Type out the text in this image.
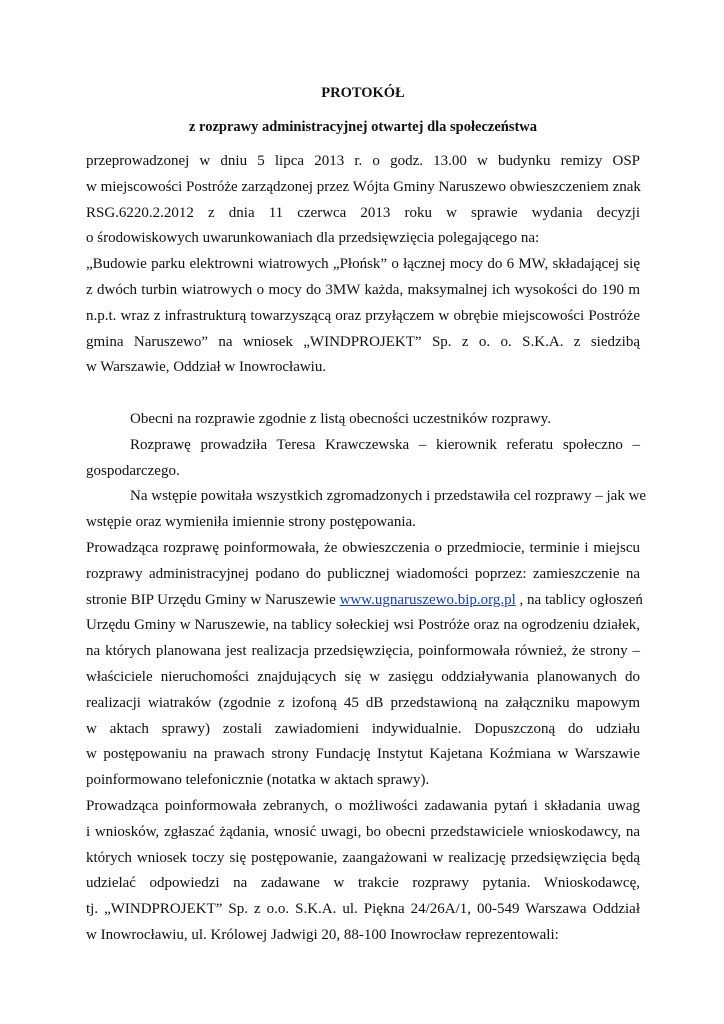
PROTOKÓŁ
z rozprawy administracyjnej otwartej dla społeczeństwa
przeprowadzonej w dniu 5 lipca 2013 r. o godz. 13.00 w budynku remizy OSP
w miejscowości Postróże zarządzonej przez Wójta Gminy Naruszewo obwieszczeniem znak
RSG.6220.2.2012 z dnia 11 czerwca 2013 roku w sprawie wydania decyzji
o środowiskowych uwarunkowaniach dla przedsięwzięcia polegającego na:
„Budowie parku elektrowni wiatrowych „Płońsk” o łącznej mocy do 6 MW, składającej się
z dwóch turbin wiatrowych o mocy do 3MW każda, maksymalnej ich wysokości do 190 m
n.p.t. wraz z infrastrukturą towarzyszącą oraz przyłączem w obrębie miejscowości Postróże
gmina Naruszewo” na wniosek „WINDPROJEKT” Sp. z o. o. S.K.A. z siedzibą
w Warszawie, Oddział w Inowrocławiu.
Obecni na rozprawie zgodnie z listą obecności uczestników rozprawy.
Rozprawę prowadziła Teresa Krawczewska – kierownik referatu społeczno –
gospodarczego.
Na wstępie powitała wszystkich zgromadzonych i przedstawiła cel rozprawy – jak we
wstępie oraz wymieniła imiennie strony postępowania.
Prowadząca rozprawę poinformowała, że obwieszczenia o przedmiocie, terminie i miejscu
rozprawy administracyjnej podano do publicznej wiadomości poprzez: zamieszczenie na
stronie BIP Urzędu Gminy w Naruszewie www.ugnaruszewo.bip.org.pl , na tablicy ogłoszeń
Urzędu Gminy w Naruszewie, na tablicy sołeckiej wsi Postróże oraz na ogrodzeniu działek,
na których planowana jest realizacja przedsięwzięcia, poinformowała również, że strony –
właściciele nieruchomości znajdujących się w zasięgu oddziaływania planowanych do
realizacji wiatraków (zgodnie z izofoną 45 dB przedstawioną na załączniku mapowym
w aktach sprawy) zostali zawiadomieni indywidualnie. Dopuszczoną do udziału
w postępowaniu na prawach strony Fundację Instytut Kajetana Koźmiana w Warszawie
poinformowano telefonicznie (notatka w aktach sprawy).
Prowadząca poinformowała zebranych, o możliwości zadawania pytań i składania uwag
i wniosków, zgłaszać żądania, wnosić uwagi, bo obecni przedstawiciele wnioskodawcy, na
których wniosek toczy się postępowanie, zaangażowani w realizację przedsięwzięcia będą
udzielać odpowiedzi na zadawane w trakcie rozprawy pytania. Wnioskodawcę,
tj. „WINDPROJEKT” Sp. z o.o. S.K.A. ul. Piękna 24/26A/1, 00-549 Warszawa Oddział
w Inowrocławiu, ul. Królowej Jadwigi 20, 88-100 Inowrocław reprezentowali:
